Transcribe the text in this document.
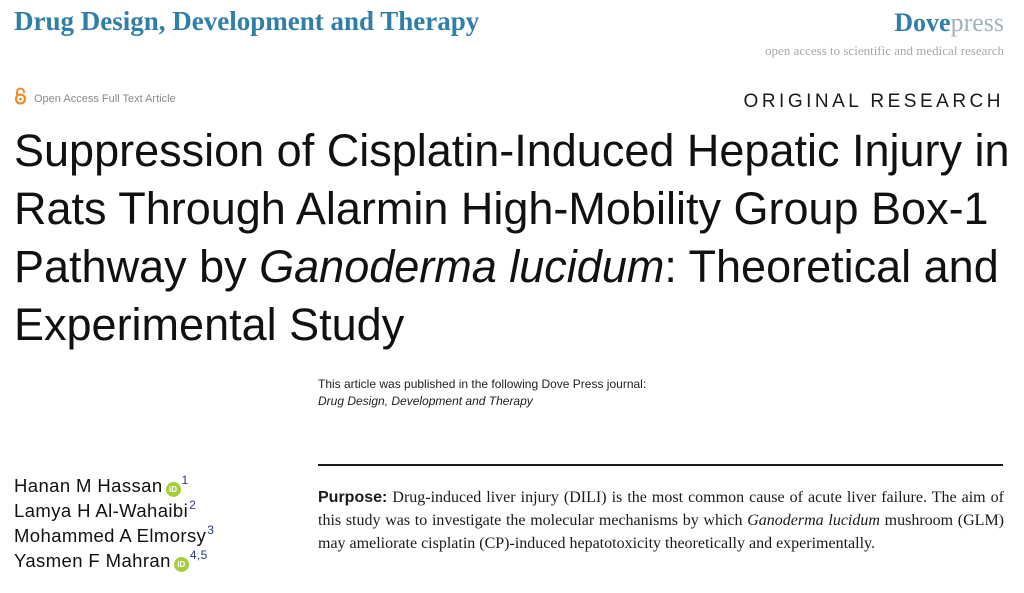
Drug Design, Development and Therapy	Dovepress
open access to scientific and medical research
Open Access Full Text Article	ORIGINAL RESEARCH
Suppression of Cisplatin-Induced Hepatic Injury in Rats Through Alarmin High-Mobility Group Box-1 Pathway by Ganoderma lucidum: Theoretical and Experimental Study
This article was published in the following Dove Press journal:
Drug Design, Development and Therapy
Hanan M Hassan $iD^1$
Lamya H Al-Wahaibi$^2$
Mohammed A Elmorsy$^3$
Yasmen F Mahran iD$^{4,5}$
Purpose: Drug-induced liver injury (DILI) is the most common cause of acute liver failure. The aim of this study was to investigate the molecular mechanisms by which Ganoderma lucidum mushroom (GLM) may ameliorate cisplatin (CP)-induced hepatotoxicity theoretically and experimentally.
